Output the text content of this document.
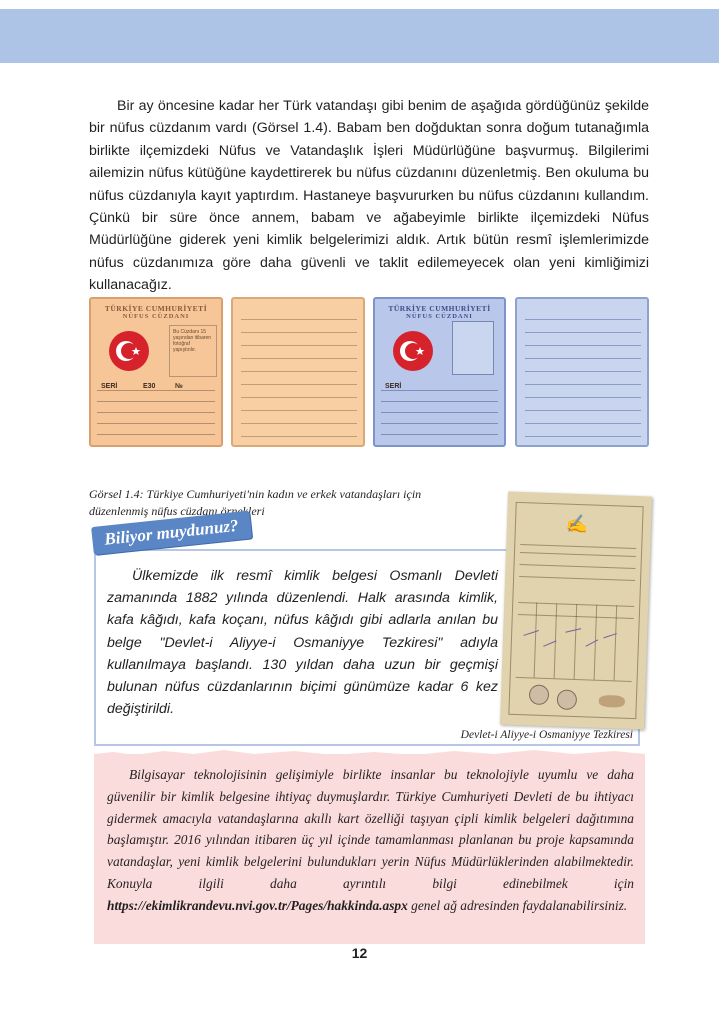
Bir ay öncesine kadar her Türk vatandaşı gibi benim de aşağıda gördüğünüz şekilde bir nüfus cüzdanım vardı (Görsel 1.4). Babam ben doğduktan sonra doğum tutanağımla birlikte ilçemizdeki Nüfus ve Vatandaşlık İşleri Müdürlüğüne başvurmuş. Bilgilerimi ailemizin nüfus kütüğüne kaydettirerek bu nüfus cüzdanını düzenletmiş. Ben okuluma bu nüfus cüzdanıyla kayıt yaptırdım. Hastaneye başvururken bu nüfus cüzdanını kullandım. Çünkü bir süre önce annem, babam ve ağabeyimle birlikte ilçemizdeki Nüfus Müdürlüğüne giderek yeni kimlik belgelerimizi aldık. Artık bütün resmî işlemlerimizde nüfus cüzdanımıza göre daha güvenli ve taklit edilemeyecek olan yeni kimliğimizi kullanacağız.

TÜRKİYE CUMHURİYETİ
NÜFUS CÜZDANI
Bu Cüzdanı 15 yaşından itibaren fotoğraf yapıştırılır.
SERİ	E30	№
TÜRKİYE CUMHURİYETİ
NÜFUS CÜZDANI
SERİ

Görsel 1.4: Türkiye Cumhuriyeti'nin kadın ve erkek vatandaşları için düzenlenmiş nüfus cüzdanı örnekleri

✍
Biliyor muydunuz?

Ülkemizde ilk resmî kimlik belgesi Osmanlı Devleti zamanında 1882 yılında düzenlendi. Halk arasında kimlik, kafa kâğıdı, kafa koçanı, nüfus kâğıdı gibi adlarla anılan bu belge "Devlet-i Aliyye-i Osmaniyye Tezkiresi" adıyla kullanılmaya başlandı. 130 yıldan daha uzun bir geçmişi bulunan nüfus cüzdanlarının biçimi günümüze kadar 6 kez değiştirildi.

Devlet-i Aliyye-i Osmaniyye Tezkiresi

Bilgisayar teknolojisinin gelişimiyle birlikte insanlar bu teknolojiyle uyumlu ve daha güvenilir bir kimlik belgesine ihtiyaç duymuşlardır. Türkiye Cumhuriyeti Devleti de bu ihtiyacı gidermek amacıyla vatandaşlarına akıllı kart özelliği taşıyan çipli kimlik belgeleri dağıtımına başlamıştır. 2016 yılından itibaren üç yıl içinde tamamlanması planlanan bu proje kapsamında vatandaşlar, yeni kimlik belgelerini bulundukları yerin Nüfus Müdürlüklerinden alabilmektedir. Konuyla ilgili daha ayrıntılı bilgi edinebilmek için https://ekimlikrandevu.nvi.gov.tr/Pages/hakkinda.aspx genel ağ adresinden faydalanabilirsiniz.

12
